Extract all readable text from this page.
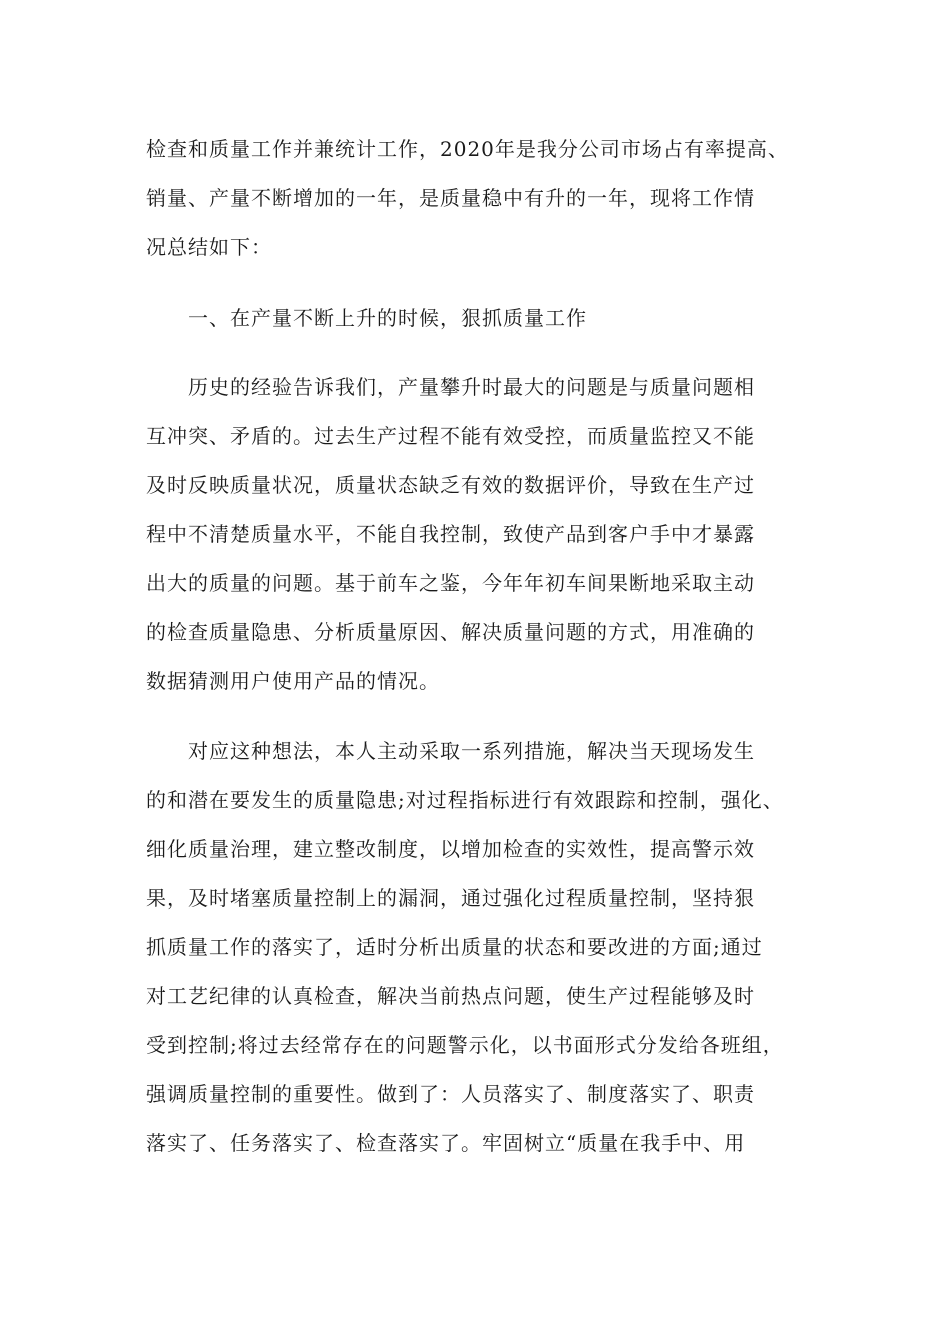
检查和质量工作并兼统计工作，2020年是我分公司市场占有率提高、
销量、产量不断增加的一年，是质量稳中有升的一年，现将工作情
况总结如下：
一、在产量不断上升的时候，狠抓质量工作
历史的经验告诉我们，产量攀升时最大的问题是与质量问题相
互冲突、矛盾的。过去生产过程不能有效受控，而质量监控又不能
及时反映质量状况，质量状态缺乏有效的数据评价，导致在生产过
程中不清楚质量水平，不能自我控制，致使产品到客户手中才暴露
出大的质量的问题。基于前车之鉴，今年年初车间果断地采取主动
的检查质量隐患、分析质量原因、解决质量问题的方式，用准确的
数据猜测用户使用产品的情况。
对应这种想法，本人主动采取一系列措施，解决当天现场发生
的和潜在要发生的质量隐患;对过程指标进行有效跟踪和控制，强化、
细化质量治理，建立整改制度，以增加检查的实效性，提高警示效
果，及时堵塞质量控制上的漏洞，通过强化过程质量控制，坚持狠
抓质量工作的落实了，适时分析出质量的状态和要改进的方面;通过
对工艺纪律的认真检查，解决当前热点问题，使生产过程能够及时
受到控制;将过去经常存在的问题警示化，以书面形式分发给各班组，
强调质量控制的重要性。做到了：人员落实了、制度落实了、职责
落实了、任务落实了、检查落实了。牢固树立“质量在我手中、用
